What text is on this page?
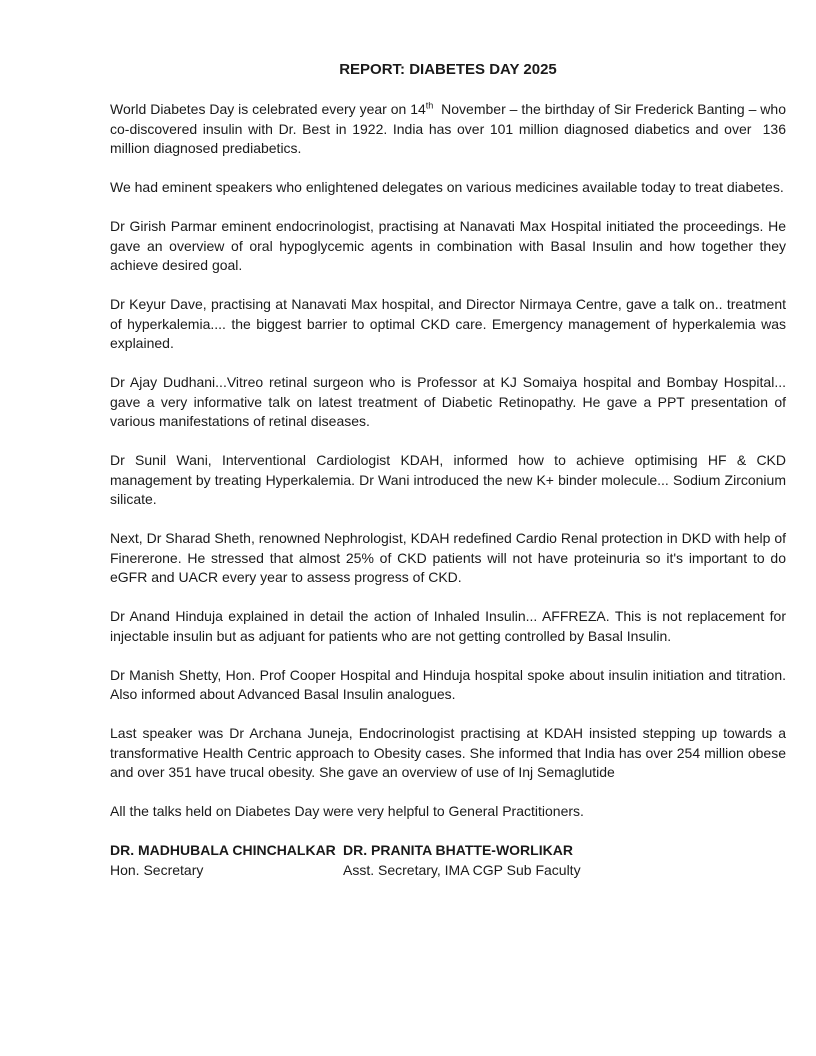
REPORT: DIABETES DAY 2025

World Diabetes Day is celebrated every year on 14th  November – the birthday of Sir Frederick Banting – who co-discovered insulin with Dr. Best in 1922. India has over 101 million diagnosed diabetics and over  136 million diagnosed prediabetics.

We had eminent speakers who enlightened delegates on various medicines available today to treat diabetes.

Dr Girish Parmar eminent endocrinologist, practising at Nanavati Max Hospital initiated the proceedings. He gave an overview of oral hypoglycemic agents in combination with Basal Insulin and how together they achieve desired goal.

Dr Keyur Dave, practising at Nanavati Max hospital, and Director Nirmaya Centre, gave a talk on.. treatment of hyperkalemia.... the biggest barrier to optimal CKD care. Emergency management of hyperkalemia was explained.

Dr Ajay Dudhani...Vitreo retinal surgeon who is Professor at KJ Somaiya hospital and Bombay Hospital... gave a very informative talk on latest treatment of Diabetic Retinopathy. He gave a PPT presentation of various manifestations of retinal diseases.

Dr Sunil Wani, Interventional Cardiologist KDAH, informed how to achieve optimising HF & CKD management by treating Hyperkalemia. Dr Wani introduced the new K+ binder molecule... Sodium Zirconium silicate.

Next, Dr Sharad Sheth, renowned Nephrologist, KDAH redefined Cardio Renal protection in DKD with help of Finererone. He stressed that almost 25% of CKD patients will not have proteinuria so it's important to do eGFR and UACR every year to assess progress of CKD.

Dr Anand Hinduja explained in detail the action of Inhaled Insulin... AFFREZA. This is not replacement for injectable insulin but as adjuant for patients who are not getting controlled by Basal Insulin.

Dr Manish Shetty, Hon. Prof Cooper Hospital and Hinduja hospital spoke about insulin initiation and titration. Also informed about Advanced Basal Insulin analogues.

Last speaker was Dr Archana Juneja, Endocrinologist practising at KDAH insisted stepping up towards a transformative Health Centric approach to Obesity cases. She informed that India has over 254 million obese and over 351 have trucal obesity. She gave an overview of use of Inj Semaglutide

All the talks held on Diabetes Day were very helpful to General Practitioners.

DR. MADHUBALA CHINCHALKAR
Hon. Secretary
DR. PRANITA BHATTE-WORLIKAR
Asst. Secretary, IMA CGP Sub Faculty
